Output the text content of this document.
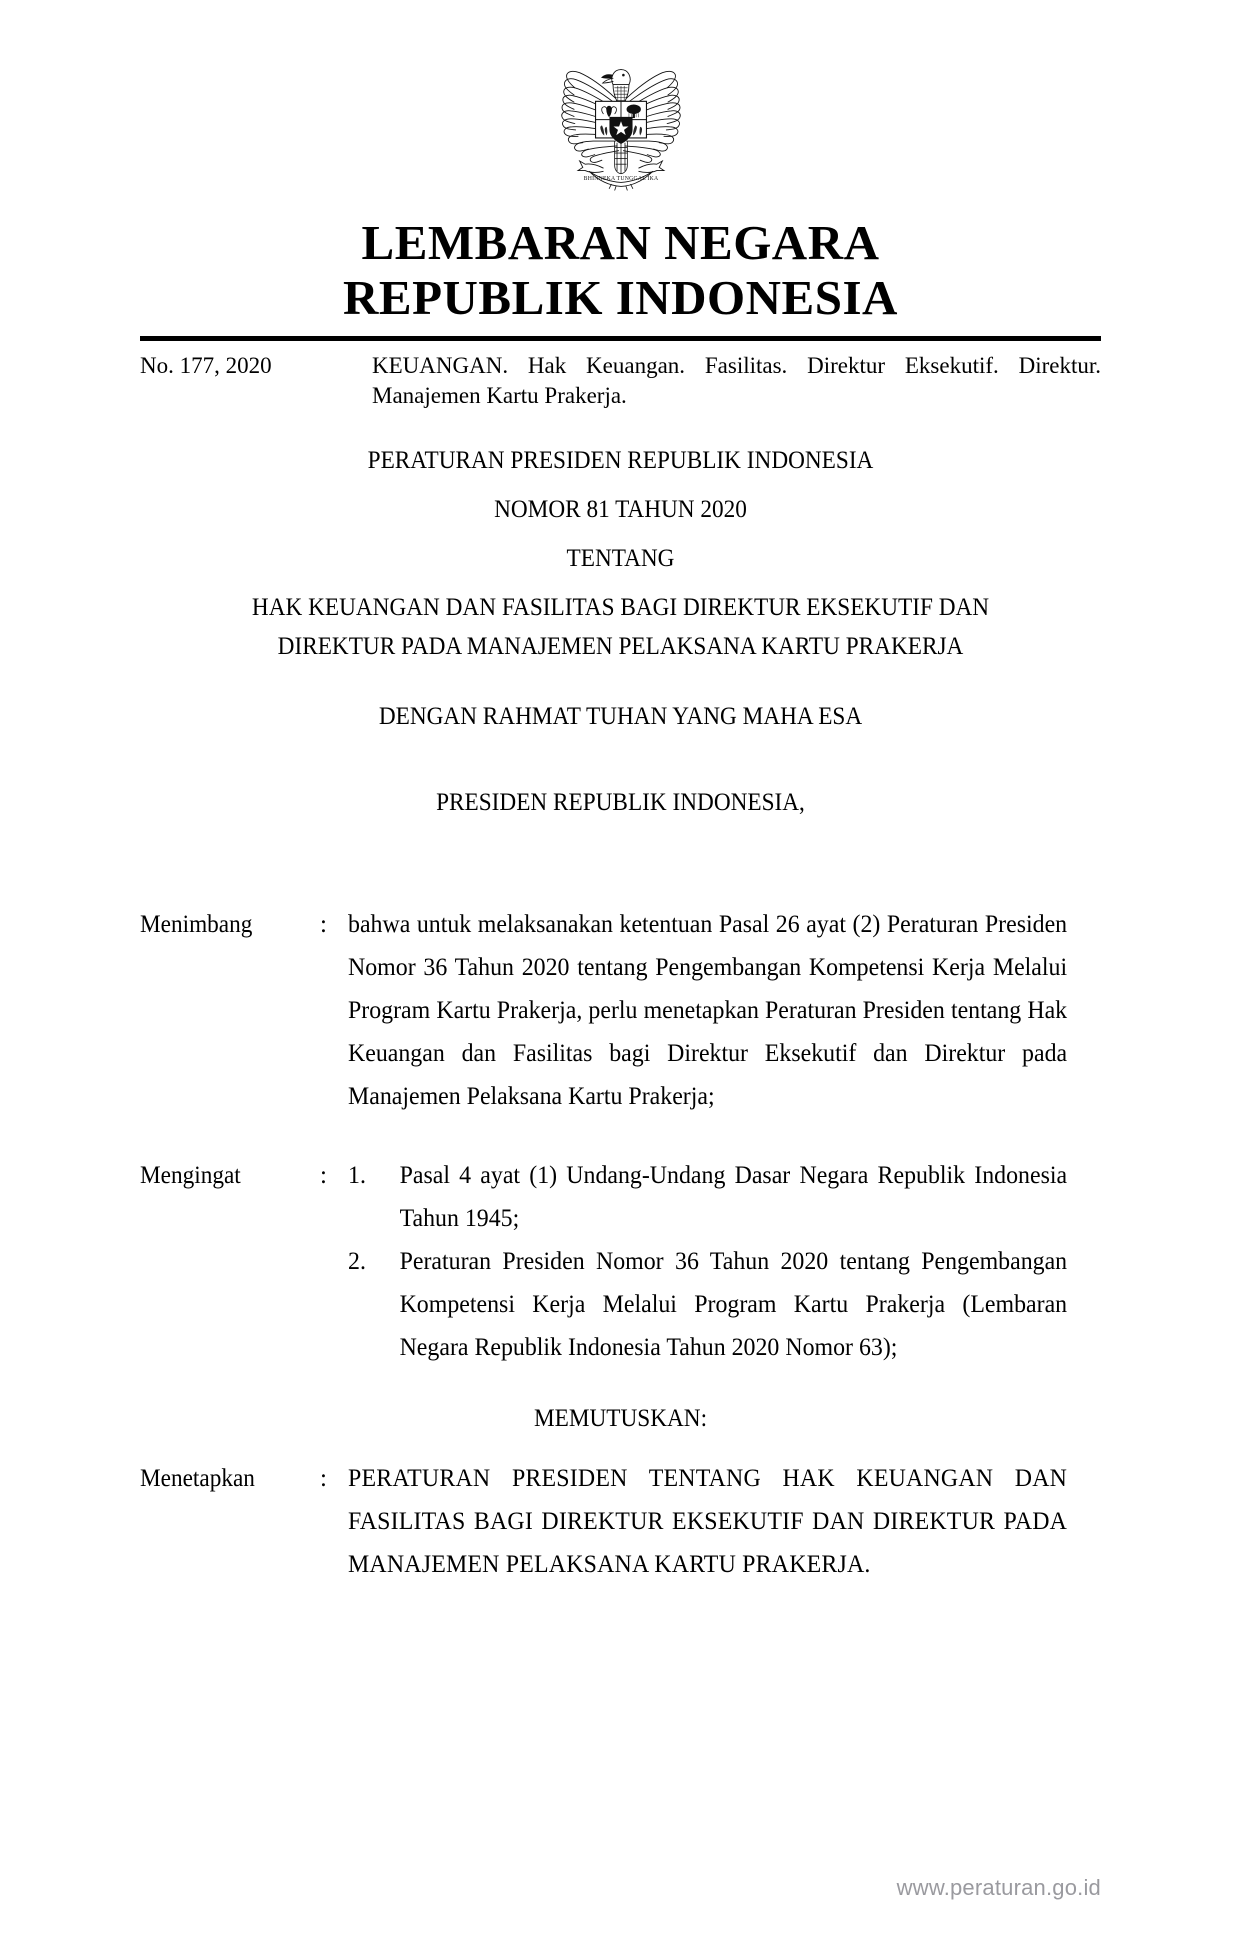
BHINNEKA TUNGGAL IKA
LEMBARAN NEGARA
REPUBLIK INDONESIA
No. 177, 2020	KEUANGAN. Hak Keuangan. Fasilitas. Direktur Eksekutif. Direktur. Manajemen Kartu Prakerja.
PERATURAN PRESIDEN REPUBLIK INDONESIA
NOMOR 81 TAHUN 2020
TENTANG
HAK KEUANGAN DAN FASILITAS BAGI DIREKTUR EKSEKUTIF DAN
DIREKTUR PADA MANAJEMEN PELAKSANA KARTU PRAKERJA
DENGAN RAHMAT TUHAN YANG MAHA ESA
PRESIDEN REPUBLIK INDONESIA,
Menimbang	: bahwa untuk melaksanakan ketentuan Pasal 26 ayat (2) Peraturan Presiden Nomor 36 Tahun 2020 tentang Pengembangan Kompetensi Kerja Melalui Program Kartu Prakerja, perlu menetapkan Peraturan Presiden tentang Hak Keuangan dan Fasilitas bagi Direktur Eksekutif dan Direktur pada Manajemen Pelaksana Kartu Prakerja;
Mengingat	: 1.	Pasal 4 ayat (1) Undang-Undang Dasar Negara Republik Indonesia Tahun 1945;
2.	Peraturan Presiden Nomor 36 Tahun 2020 tentang Pengembangan Kompetensi Kerja Melalui Program Kartu Prakerja (Lembaran Negara Republik Indonesia Tahun 2020 Nomor 63);
MEMUTUSKAN:
Menetapkan	: PERATURAN PRESIDEN TENTANG HAK KEUANGAN DAN FASILITAS BAGI DIREKTUR EKSEKUTIF DAN DIREKTUR PADA MANAJEMEN PELAKSANA KARTU PRAKERJA.
www.peraturan.go.id
